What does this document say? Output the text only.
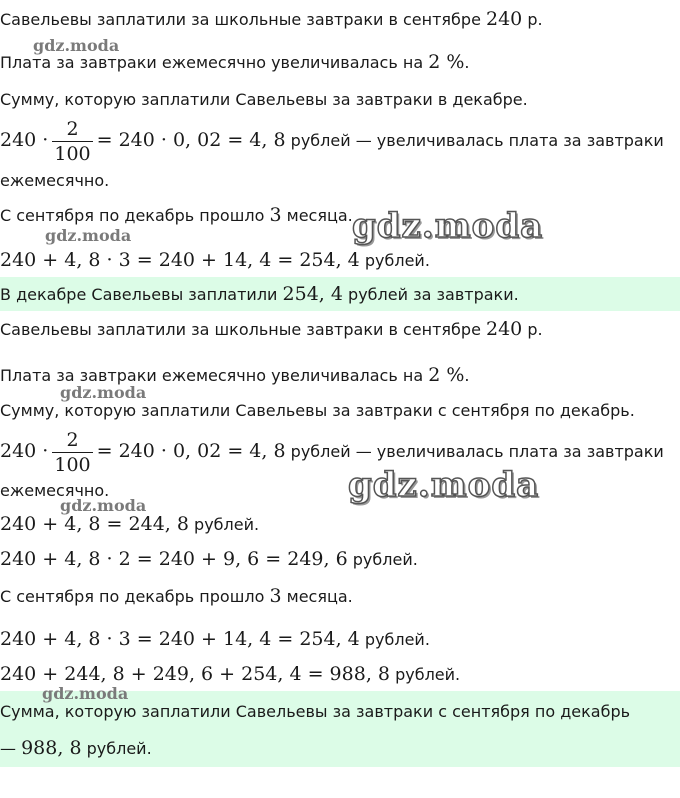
Савельевы заплатили за школьные завтраки в сентябре 240 р.
Плата за завтраки ежемесячно увеличивалась на 2 %.
Сумму, которую заплатили Савельевы за завтраки в декабре.
$240 \cdot \frac{2}{100} = 240 \cdot 0$, 02 = 4, 8 рублей — увеличивалась плата за завтраки
ежемесячно.
С сентября по декабрь прошло 3 месяца.
240 + 4, 8 · 3 = 240 + 14, 4 = 254, 4 рублей.
В декабре Савельевы заплатили 254, 4 рублей за завтраки.
Савельевы заплатили за школьные завтраки в сентябре 240 р.
Плата за завтраки ежемесячно увеличивалась на 2 %.
Сумму, которую заплатили Савельевы за завтраки с сентября по декабрь.
$240 \cdot \frac{2}{100} = 240 \cdot 0$, 02 = 4, 8 рублей — увеличивалась плата за завтраки
ежемесячно.
240 + 4, 8 = 244, 8 рублей.
240 + 4, 8 · 2 = 240 + 9, 6 = 249, 6 рублей.
С сентября по декабрь прошло 3 месяца.
240 + 4, 8 · 3 = 240 + 14, 4 = 254, 4 рублей.
240 + 244, 8 + 249, 6 + 254, 4 = 988, 8 рублей.
Сумма, которую заплатили Савельевы за завтраки с сентября по декабрь
— 988, 8 рублей.
gdz.moda
gdz.moda
gdz.moda
gdz.moda
gdz.moda
gdz.moda
gdz.moda
